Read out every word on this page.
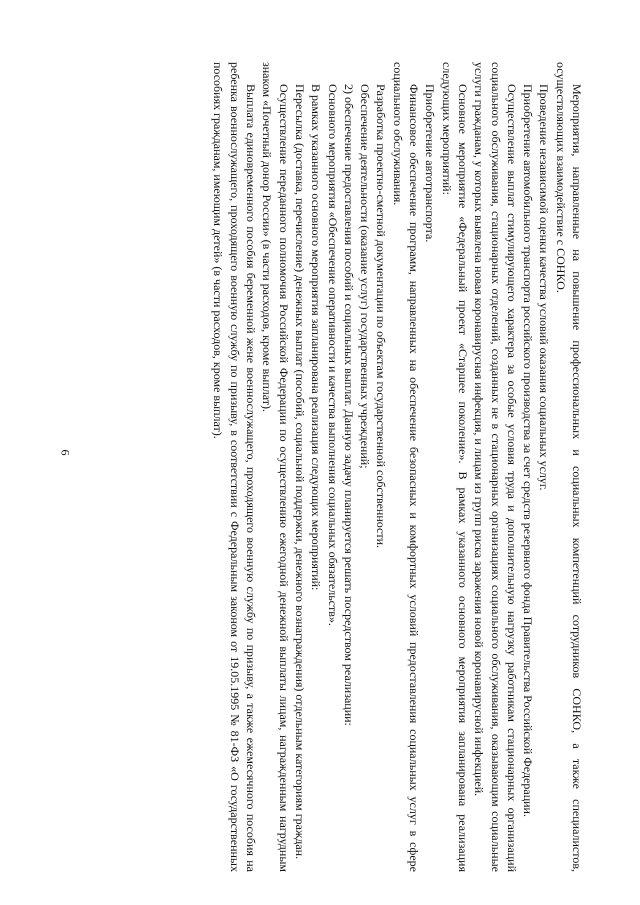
6	Мероприятия, направленные на повышение профессиональных и социальных компетенций сотрудников СОНКО, а также специалистов, осуществляющих взаимодействие с СОНКО.

Проведение независимой оценки качества условий оказания социальных услуг.

Приобретение автомобильного транспорта российского производства за счет средств резервного фонда Правительства Российской Федерации.

Осуществление выплат стимулирующего характера за особые условия труда и дополнительную нагрузку работникам стационарных организаций социального обслуживания, стационарных отделений, созданных не в стационарных организациях социального обслуживания, оказывающим социальные услуги гражданам, у которых выявлена новая коронавирусная инфекция, и лицам из групп риска заражения новой коронавирусной инфекцией.

Основное мероприятие «Федеральный проект «Старшее поколение». В рамках указанного основного мероприятия запланирована реализация следующих мероприятий:

Приобретение автотранспорта.

Финансовое обеспечение программ, направленных на обеспечение безопасных и комфортных условий предоставления социальных услуг в сфере социального обслуживания.

Разработка проектно-сметной документации по объектам государственной собственности.

Обеспечение деятельности (оказание услуг) государственных учреждений;

2) обеспечение предоставления пособий и социальных выплат. Данную задачу планируется решать посредством реализации:

Основного мероприятия «Обеспечение оперативности и качества выполнения социальных обязательств».

В рамках указанного основного мероприятия запланирована реализация следующих мероприятий:

Пересылка (доставка, перечисление) денежных выплат (пособий, социальной поддержки, денежного вознаграждения) отдельным категориям граждан.

Осуществление переданного полномочия Российской Федерации по осуществлению ежегодной денежной выплаты лицам, награжденным нагрудным знаком «Почетный донор России» (в части расходов, кроме выплат).

Выплата единовременного пособия беременной жене военнослужащего, проходящего военную службу по призыву, а также ежемесячного пособия на ребенка военнослужащего, проходящего военную службу по призыву, в соответствии с Федеральным законом от 19.05.1995 № 81-ФЗ «О государственных пособиях гражданам, имеющим детей» (в части расходов, кроме выплат).
